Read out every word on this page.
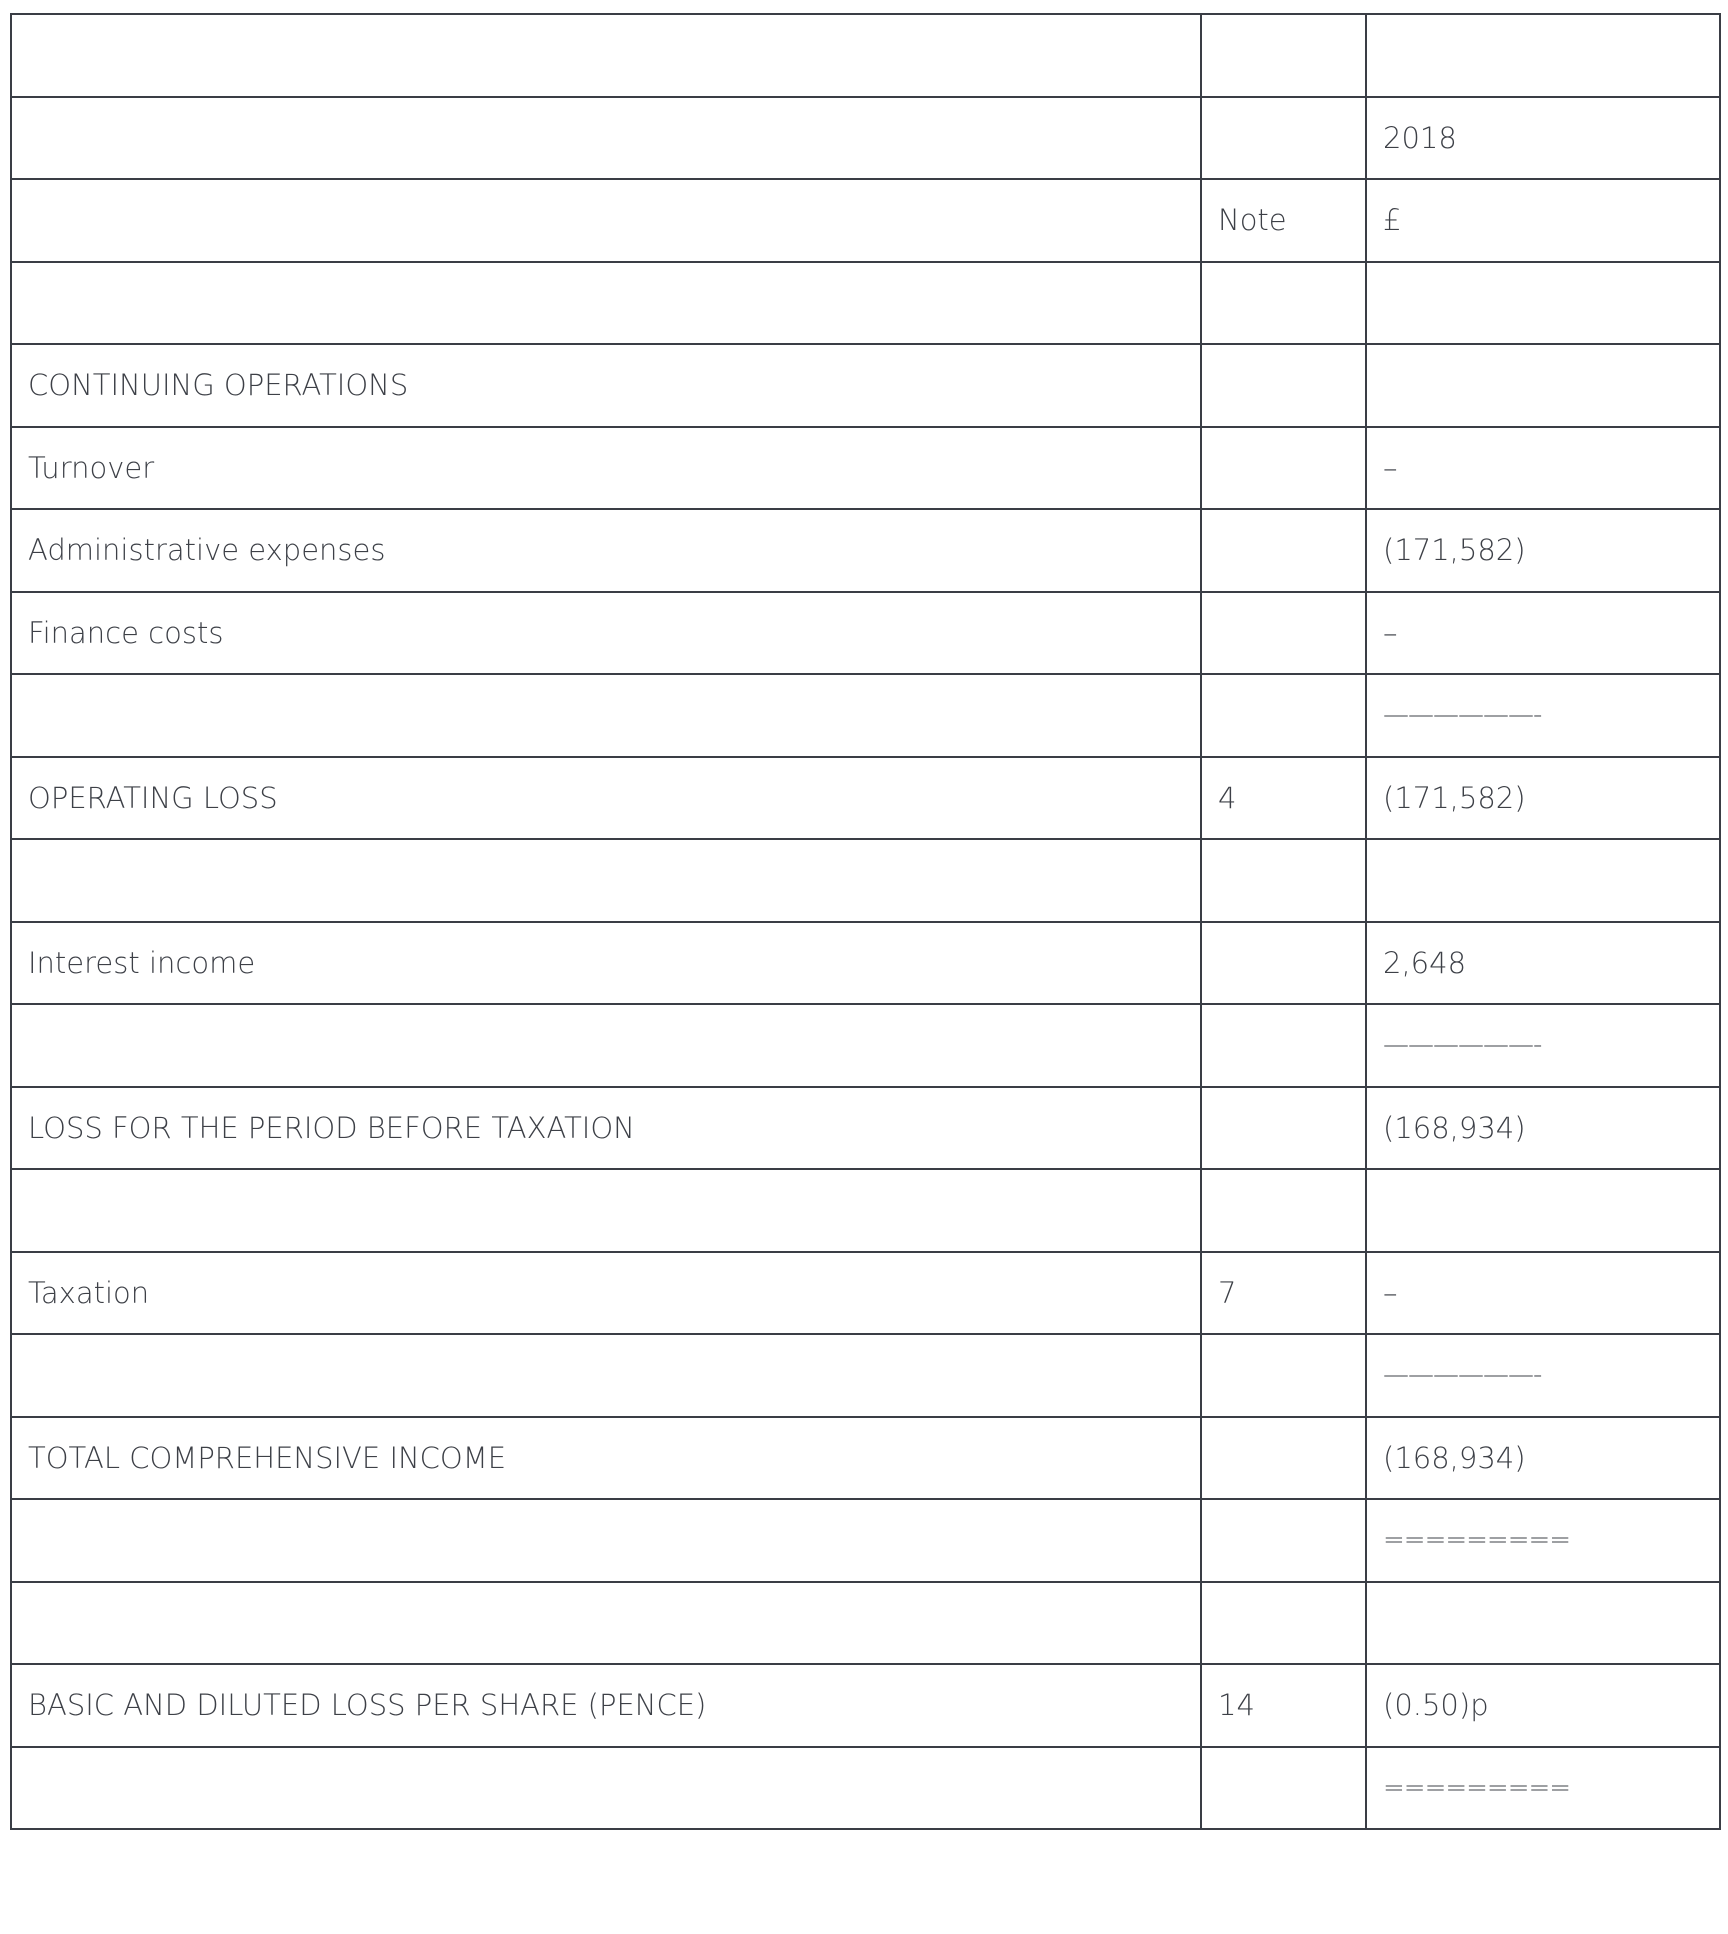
		2018
	Note	£

CONTINUING OPERATIONS		
Turnover		–
Administrative expenses		(171,582)
Finance costs		–
		——————-
OPERATING LOSS	4	(171,582)

Interest income		2,648
		——————-
LOSS FOR THE PERIOD BEFORE TAXATION		(168,934)

Taxation	7	–
		——————-
TOTAL COMPREHENSIVE INCOME		(168,934)
		=========

BASIC AND DILUTED LOSS PER SHARE (PENCE)	14	(0.50)p
		=========
